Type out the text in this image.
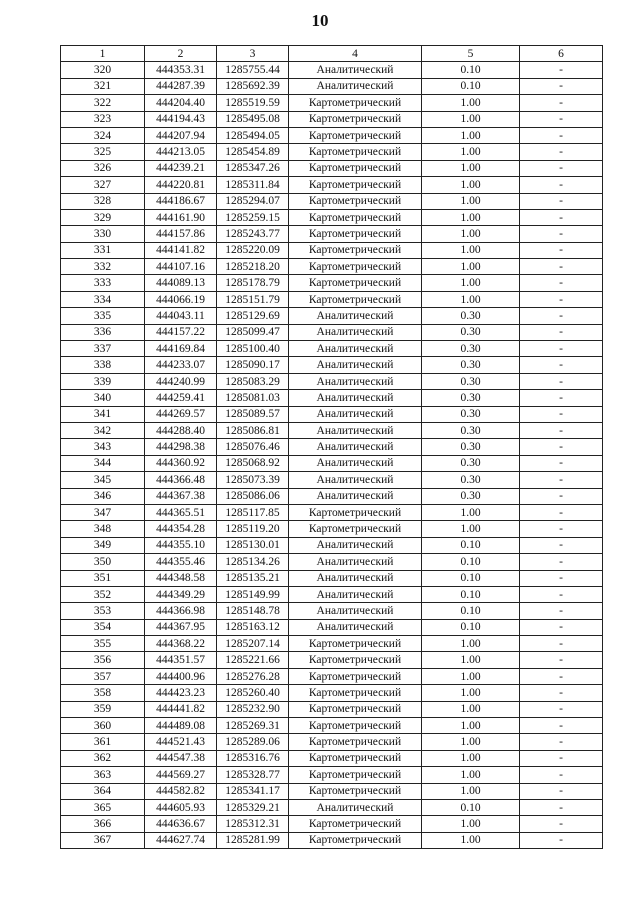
10
1	2	3	4	5	6
320	444353.31	1285755.44	Аналитический	0.10	-
321	444287.39	1285692.39	Аналитический	0.10	-
322	444204.40	1285519.59	Картометрический	1.00	-
323	444194.43	1285495.08	Картометрический	1.00	-
324	444207.94	1285494.05	Картометрический	1.00	-
325	444213.05	1285454.89	Картометрический	1.00	-
326	444239.21	1285347.26	Картометрический	1.00	-
327	444220.81	1285311.84	Картометрический	1.00	-
328	444186.67	1285294.07	Картометрический	1.00	-
329	444161.90	1285259.15	Картометрический	1.00	-
330	444157.86	1285243.77	Картометрический	1.00	-
331	444141.82	1285220.09	Картометрический	1.00	-
332	444107.16	1285218.20	Картометрический	1.00	-
333	444089.13	1285178.79	Картометрический	1.00	-
334	444066.19	1285151.79	Картометрический	1.00	-
335	444043.11	1285129.69	Аналитический	0.30	-
336	444157.22	1285099.47	Аналитический	0.30	-
337	444169.84	1285100.40	Аналитический	0.30	-
338	444233.07	1285090.17	Аналитический	0.30	-
339	444240.99	1285083.29	Аналитический	0.30	-
340	444259.41	1285081.03	Аналитический	0.30	-
341	444269.57	1285089.57	Аналитический	0.30	-
342	444288.40	1285086.81	Аналитический	0.30	-
343	444298.38	1285076.46	Аналитический	0.30	-
344	444360.92	1285068.92	Аналитический	0.30	-
345	444366.48	1285073.39	Аналитический	0.30	-
346	444367.38	1285086.06	Аналитический	0.30	-
347	444365.51	1285117.85	Картометрический	1.00	-
348	444354.28	1285119.20	Картометрический	1.00	-
349	444355.10	1285130.01	Аналитический	0.10	-
350	444355.46	1285134.26	Аналитический	0.10	-
351	444348.58	1285135.21	Аналитический	0.10	-
352	444349.29	1285149.99	Аналитический	0.10	-
353	444366.98	1285148.78	Аналитический	0.10	-
354	444367.95	1285163.12	Аналитический	0.10	-
355	444368.22	1285207.14	Картометрический	1.00	-
356	444351.57	1285221.66	Картометрический	1.00	-
357	444400.96	1285276.28	Картометрический	1.00	-
358	444423.23	1285260.40	Картометрический	1.00	-
359	444441.82	1285232.90	Картометрический	1.00	-
360	444489.08	1285269.31	Картометрический	1.00	-
361	444521.43	1285289.06	Картометрический	1.00	-
362	444547.38	1285316.76	Картометрический	1.00	-
363	444569.27	1285328.77	Картометрический	1.00	-
364	444582.82	1285341.17	Картометрический	1.00	-
365	444605.93	1285329.21	Аналитический	0.10	-
366	444636.67	1285312.31	Картометрический	1.00	-
367	444627.74	1285281.99	Картометрический	1.00	-
